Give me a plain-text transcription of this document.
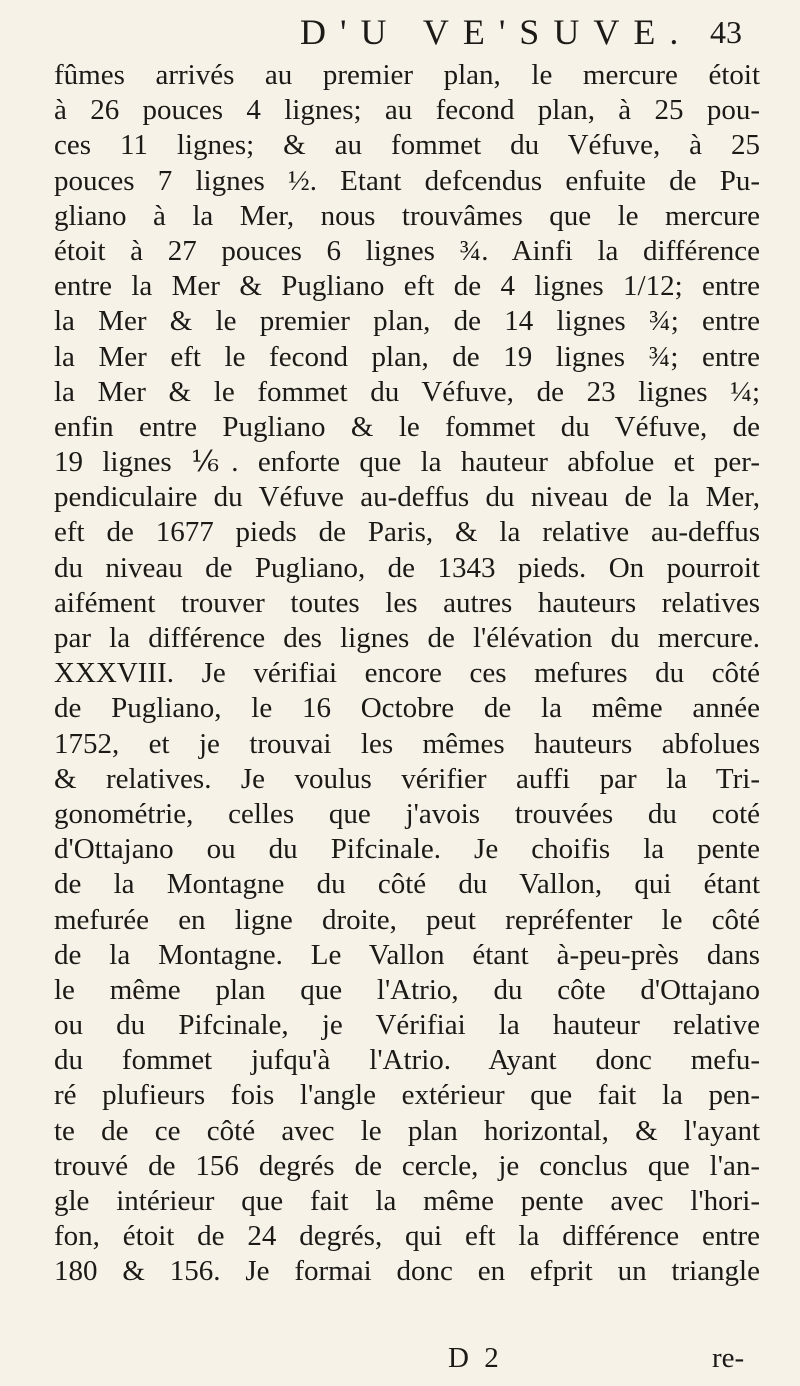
D'U VE'SUVE. 43
fûmes arrivés au premier plan, le mercure étoit
à 26 pouces 4 lignes; au fecond plan, à 25 pou-
ces 11 lignes; & au fommet du Véfuve, à 25
pouces 7 lignes ½. Etant defcendus enfuite de Pu-
gliano à la Mer, nous trouvâmes que le mercure
étoit à 27 pouces 6 lignes ¾. Ainfi la différence
entre la Mer & Pugliano eft de 4 lignes 1/12; entre
la Mer & le premier plan, de 14 lignes ¾; entre
la Mer eft le fecond plan, de 19 lignes ¾; entre
la Mer & le fommet du Véfuve, de 23 lignes ¼;
enfin entre Pugliano & le fommet du Véfuve, de
19 lignes ⅙. enforte que la hauteur abfolue et per-
pendiculaire du Véfuve au-deffus du niveau de la Mer,
eft de 1677 pieds de Paris, & la relative au-deffus
du niveau de Pugliano, de 1343 pieds. On pourroit
aifément trouver toutes les autres hauteurs relatives
par la différence des lignes de l'élévation du mercure.
XXXVIII. Je vérifiai encore ces mefures du côté
de Pugliano, le 16 Octobre de la même année
1752, et je trouvai les mêmes hauteurs abfolues
& relatives. Je voulus vérifier auffi par la Tri-
gonométrie, celles que j'avois trouvées du coté
d'Ottajano ou du Pifcinale. Je choifis la pente
de la Montagne du côté du Vallon, qui étant
mefurée en ligne droite, peut repréfenter le côté
de la Montagne. Le Vallon étant à-peu-près dans
le même plan que l'Atrio, du côte d'Ottajano
ou du Pifcinale, je Vérifiai la hauteur relative
du fommet jufqu'à l'Atrio. Ayant donc mefu-
ré plufieurs fois l'angle extérieur que fait la pen-
te de ce côté avec le plan horizontal, & l'ayant
trouvé de 156 degrés de cercle, je conclus que l'an-
gle intérieur que fait la même pente avec l'hori-
fon, étoit de 24 degrés, qui eft la différence entre
180 & 156. Je formai donc en efprit un triangle
D 2	re-
